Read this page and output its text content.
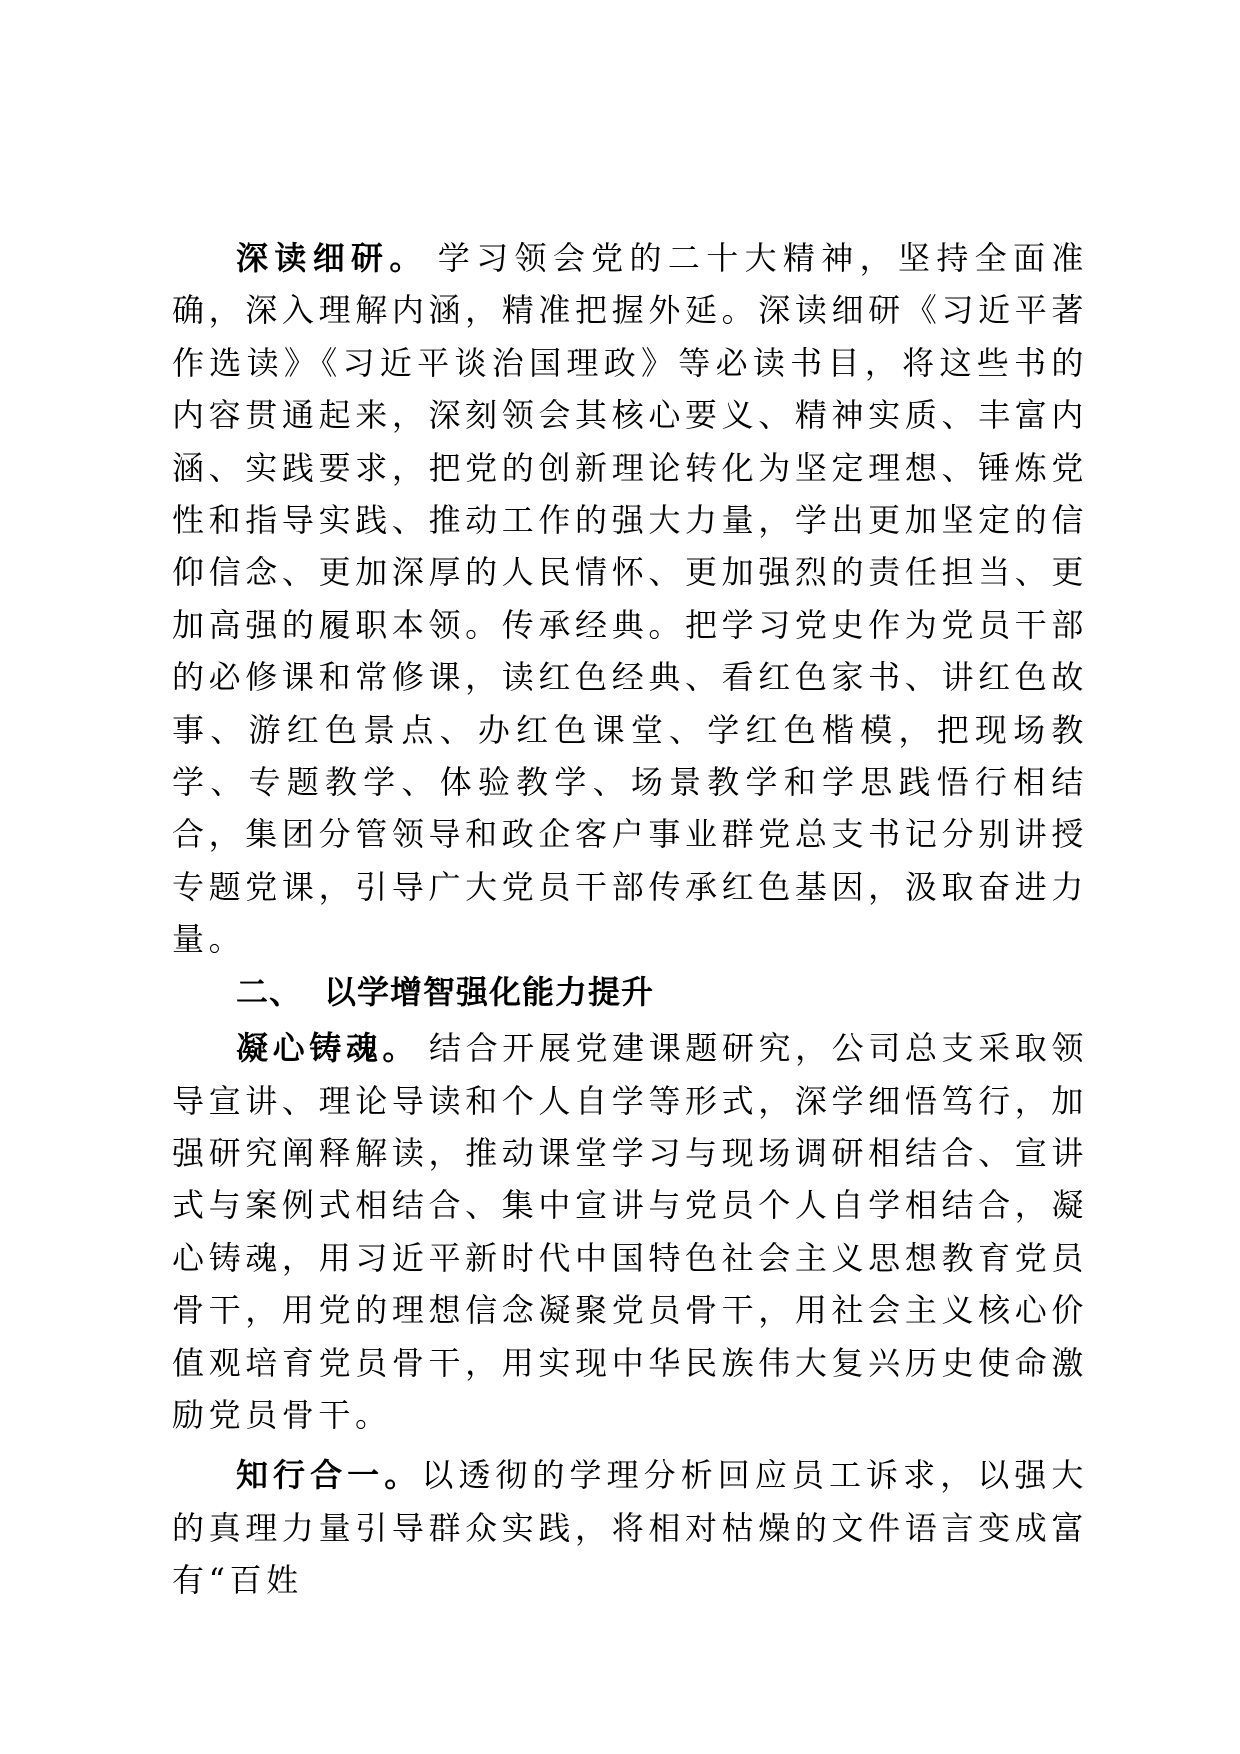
深读细研。 学习领会党的二十大精神，坚持全面准确，深入理解内涵，精准把握外延。深读细研《习近平著作选读》《习近平谈治国理政》等必读书目，将这些书的内容贯通起来，深刻领会其核心要义、精神实质、丰富内涵、实践要求，把党的创新理论转化为坚定理想、锤炼党性和指导实践、推动工作的强大力量，学出更加坚定的信仰信念、更加深厚的人民情怀、更加强烈的责任担当、更加高强的履职本领。传承经典。把学习党史作为党员干部的必修课和常修课，读红色经典、看红色家书、讲红色故事、游红色景点、办红色课堂、学红色楷模，把现场教学、专题教学、体验教学、场景教学和学思践悟行相结合，集团分管领导和政企客户事业群党总支书记分别讲授专题党课，引导广大党员干部传承红色基因，汲取奋进力量。

二、 以学增智强化能力提升

凝心铸魂。 结合开展党建课题研究，公司总支采取领导宣讲、理论导读和个人自学等形式，深学细悟笃行，加强研究阐释解读，推动课堂学习与现场调研相结合、宣讲式与案例式相结合、集中宣讲与党员个人自学相结合，凝心铸魂，用习近平新时代中国特色社会主义思想教育党员骨干，用党的理想信念凝聚党员骨干，用社会主义核心价值观培育党员骨干，用实现中华民族伟大复兴历史使命激励党员骨干。

知行合一。以透彻的学理分析回应员工诉求，以强大的真理力量引导群众实践，将相对枯燥的文件语言变成富有“百姓
